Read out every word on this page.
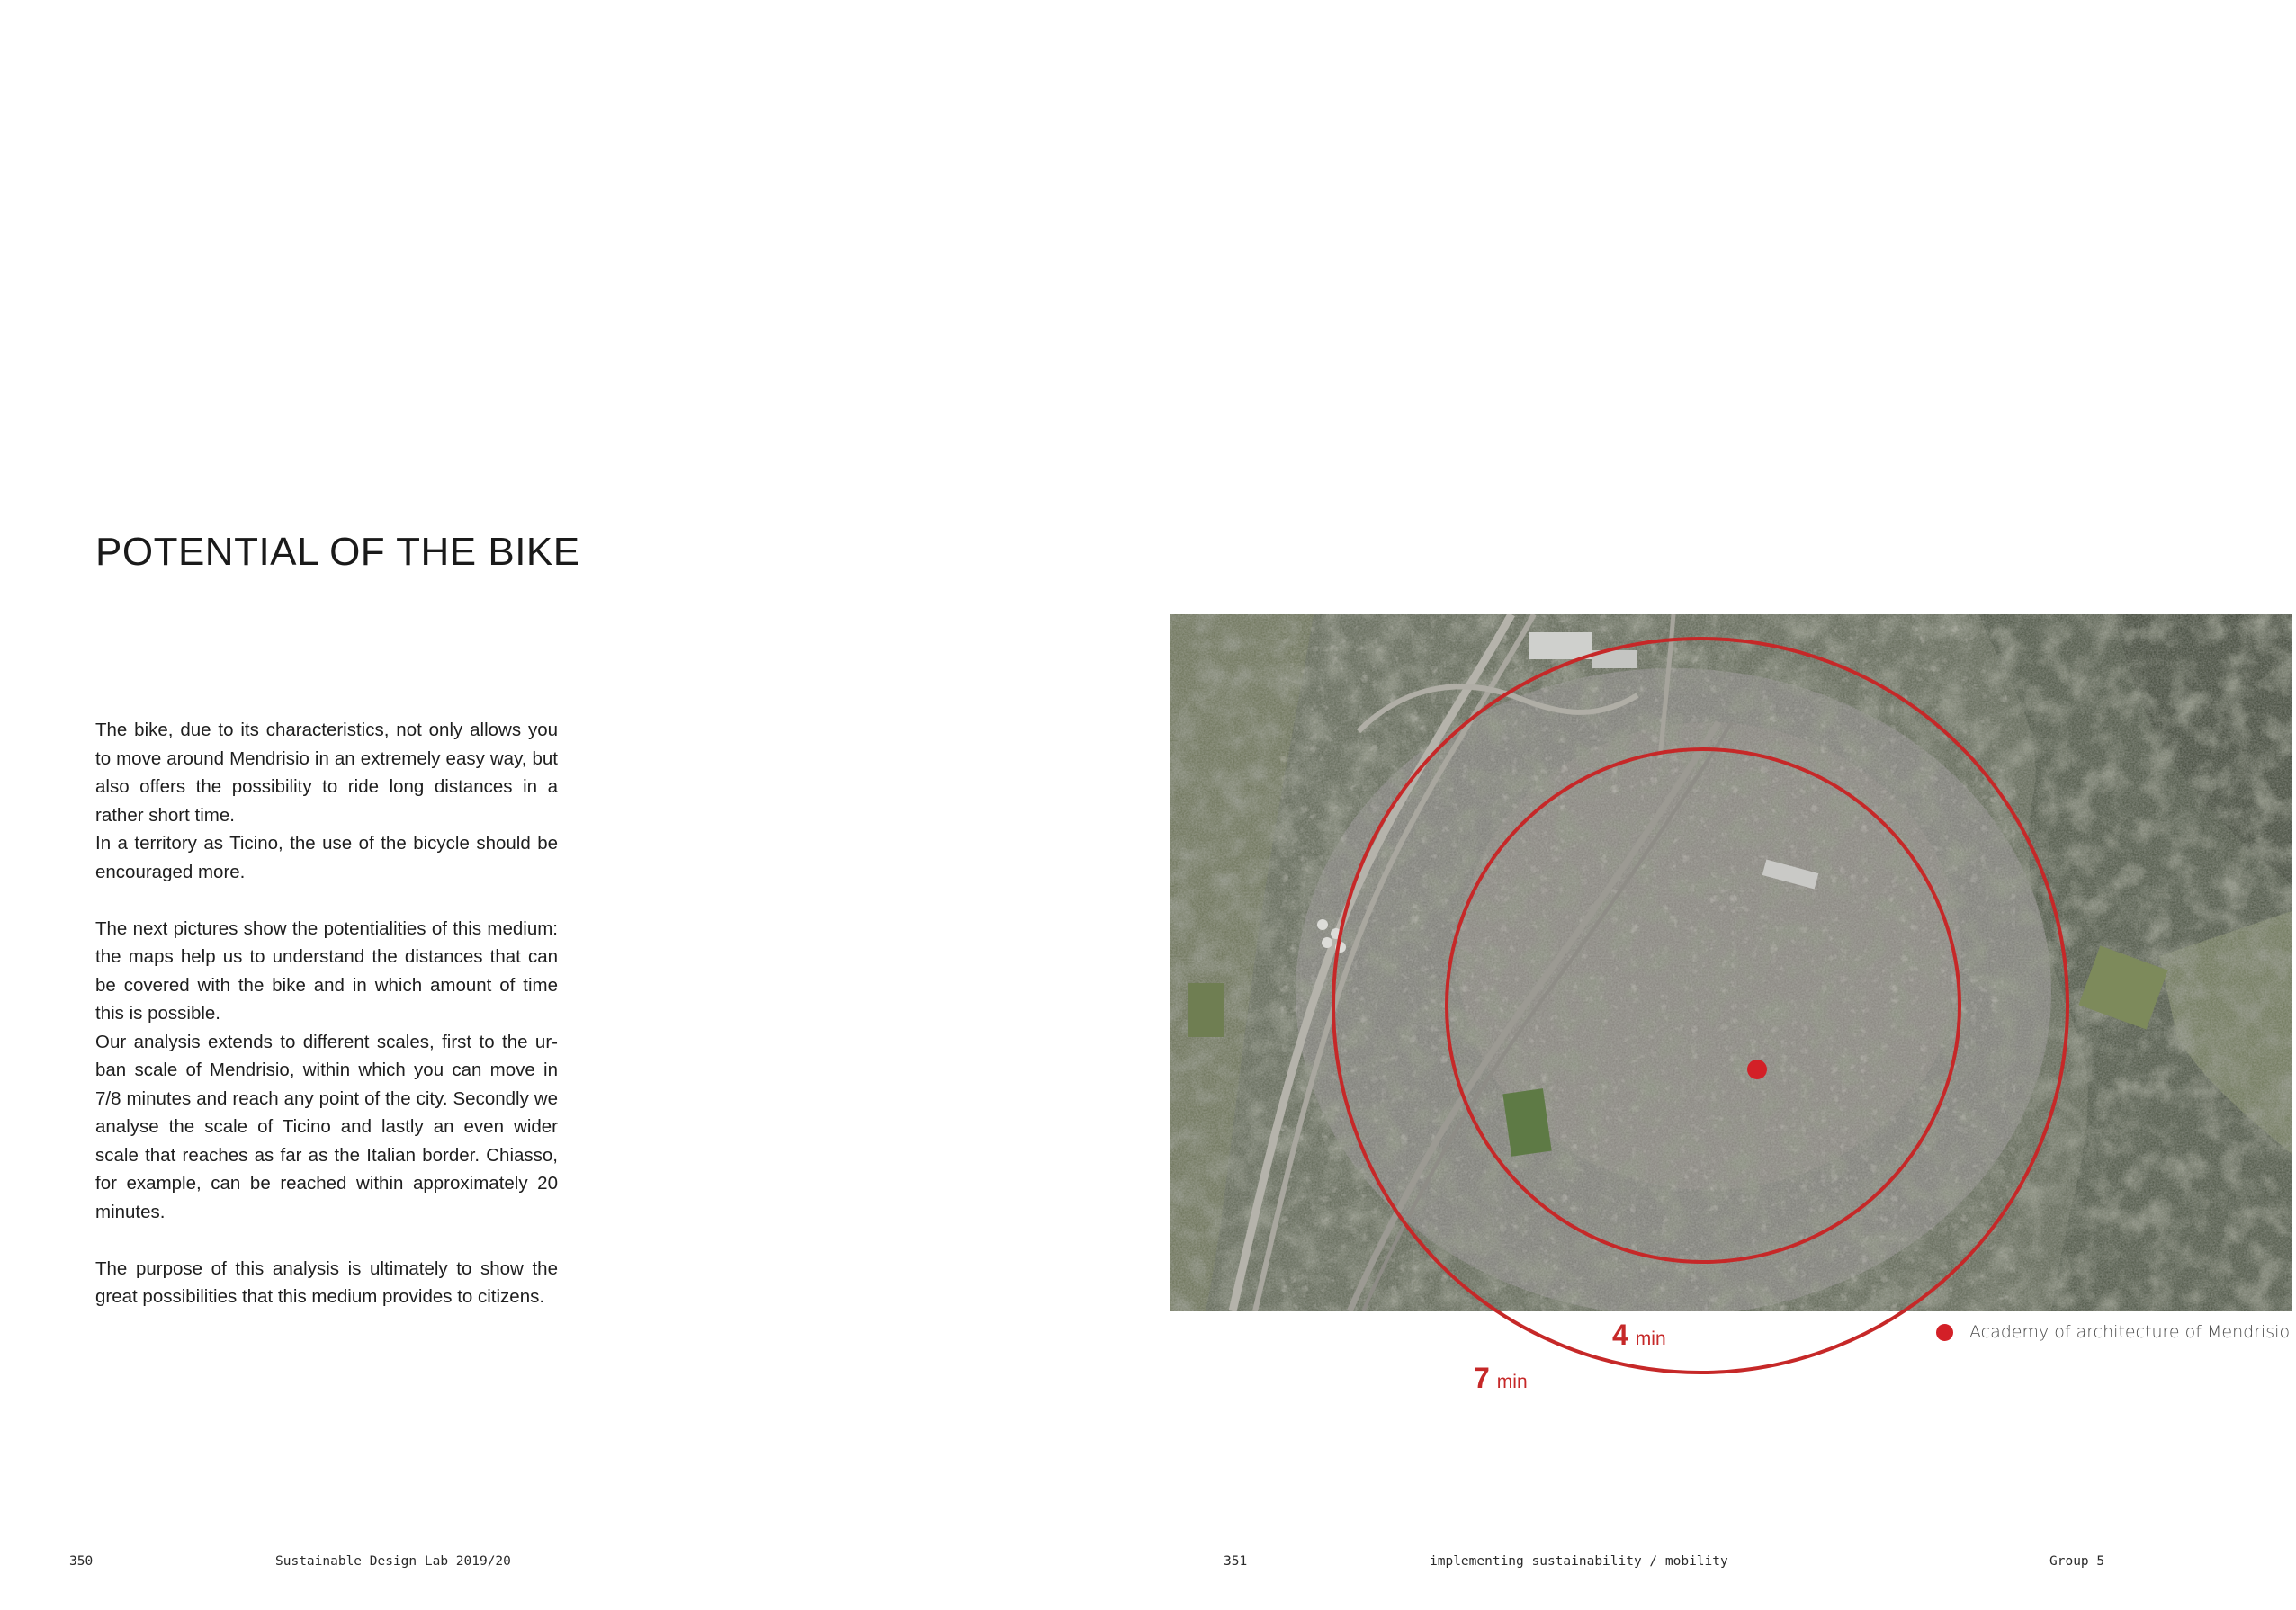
POTENTIAL OF THE BIKE

The bike, due to its characteristics, not only allows you to move around Mendrisio in an extremely easy way, but also offers the possibility to ride long distances in a rather short time.

In a territory as Ticino, the use of the bicycle should be encouraged more.

The next pictures show the potentialities of this medium: the maps help us to understand the distances that can be covered with the bike and in which amount of time this is possible.

Our analysis extends to different scales, first to the ur-ban scale of Mendrisio, within which you can move in 7/8 minutes and reach any point of the city. Secondly we analyse the scale of Ticino and lastly an even wider scale that reaches as far as the Italian border. Chiasso, for example, can be reached within approximately 20 minutes.

The purpose of this analysis is ultimately to show the great possibilities that this medium provides to citizens.

4 min
7 min
Academy of architecture of Mendrisio
350	Sustainable Design Lab 2019/20	351	implementing sustainability / mobility	Group 5
